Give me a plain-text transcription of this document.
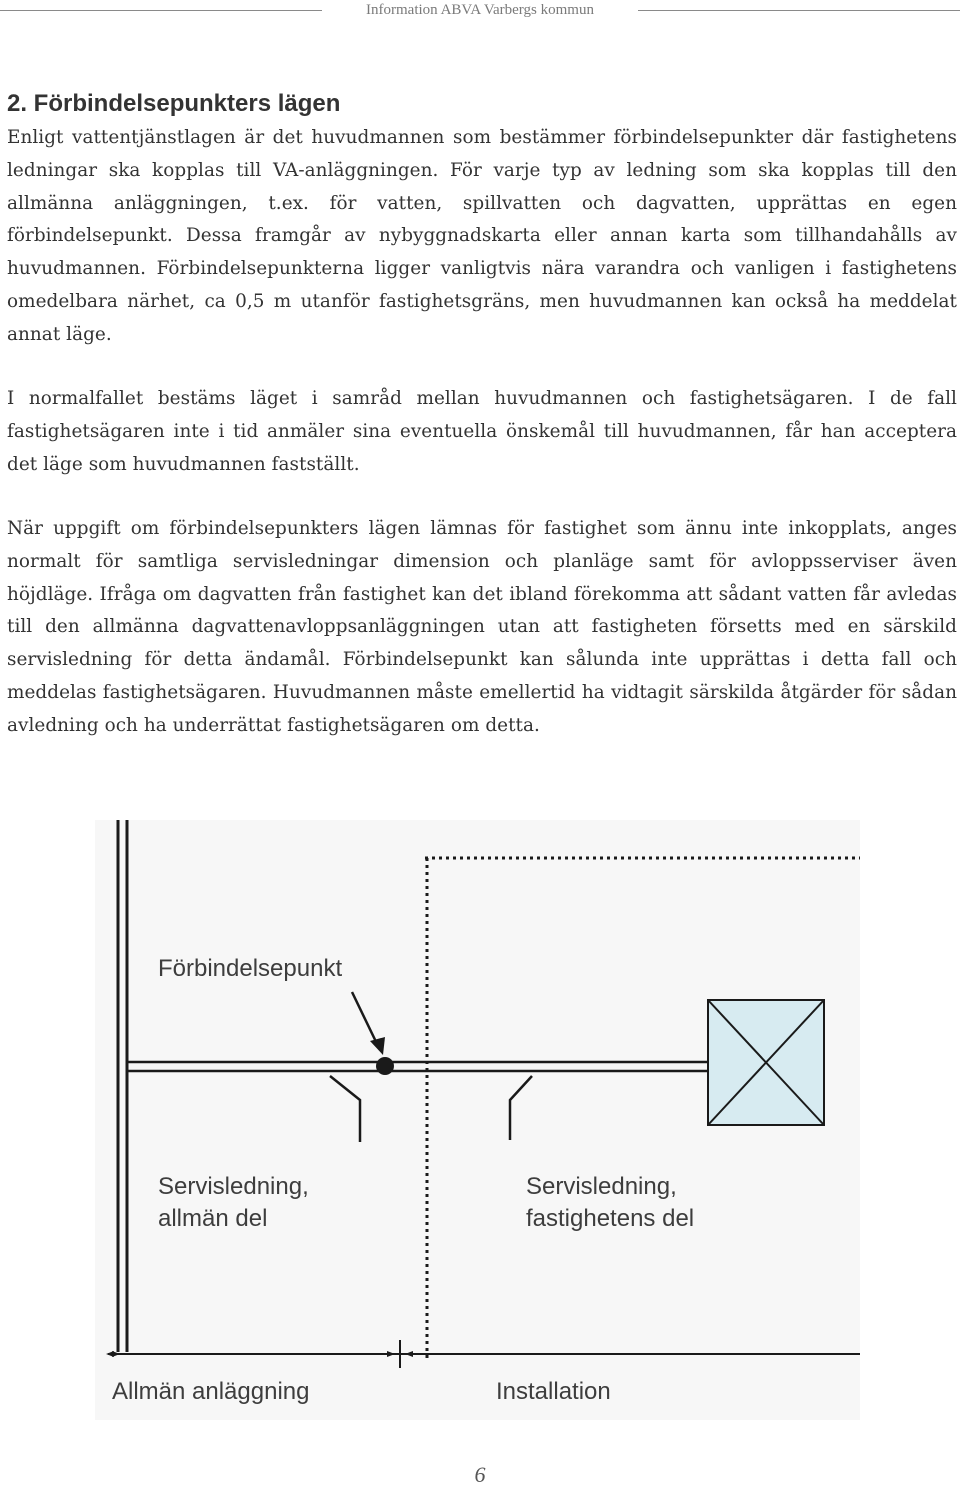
Information ABVA Varbergs kommun
2. Förbindelsepunkters lägen

Enligt vattentjänstlagen är det huvudmannen som bestämmer förbindelsepunkter där fastighetens ledningar ska kopplas till VA-anläggningen. För varje typ av ledning som ska kopplas till den allmänna anläggningen, t.ex. för vatten, spillvatten och dagvatten, upprättas en egen förbindelsepunkt. Dessa framgår av nybyggnadskarta eller annan karta som tillhandahålls av huvudmannen. Förbindelsepunkterna ligger vanligtvis nära varandra och vanligen i fastighetens omedelbara närhet, ca 0,5 m utanför fastighetsgräns, men huvudmannen kan också ha meddelat annat läge.

I normalfallet bestäms läget i samråd mellan huvudmannen och fastighetsägaren. I de fall fastighetsägaren inte i tid anmäler sina eventuella önskemål till huvudmannen, får han acceptera det läge som huvudmannen fastställt.

När uppgift om förbindelsepunkters lägen lämnas för fastighet som ännu inte inkopplats, anges normalt för samtliga servisledningar dimension och planläge samt för avloppsserviser även höjdläge. Ifråga om dagvatten från fastighet kan det ibland förekomma att sådant vatten får avledas till den allmänna dagvattenavloppsanläggningen utan att fastigheten försetts med en särskild servisledning för detta ändamål. Förbindelsepunkt kan sålunda inte upprättas i detta fall och meddelas fastighetsägaren. Huvudmannen måste emellertid ha vidtagit särskilda åtgärder för sådan avledning och ha underrättat fastighetsägaren om detta.

Förbindelsepunkt
Servisledning,
allmän del
Servisledning,
fastighetens del
Allmän anläggning	Installation
6
